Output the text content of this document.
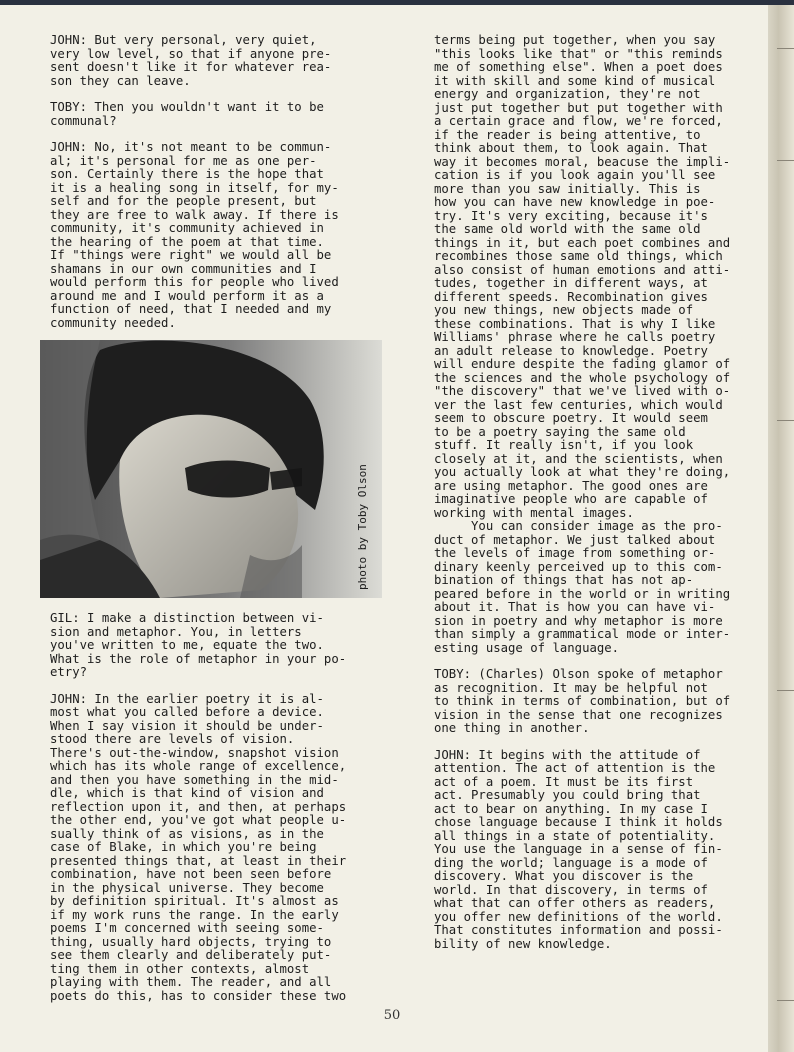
JOHN: But very personal, very quiet,

very low level, so that if anyone pre-

sent doesn't like it for whatever rea-

son they can leave.

TOBY: Then you wouldn't want it to be

communal?

JOHN: No, it's not meant to be commun-

al; it's personal for me as one per-

son. Certainly there is the hope that

it is a healing song in itself, for my-

self and for the people present, but

they are free to walk away. If there is

community, it's community achieved in

the hearing of the poem at that time.

If "things were right" we would all be

shamans in our own communities and I

would perform this for people who lived

around me and I would perform it as a

function of need, that I needed and my

community needed.

photo by Toby Olson

GIL: I make a distinction between vi-

sion and metaphor. You, in letters

you've written to me, equate the two.

What is the role of metaphor in your po-

etry?

JOHN: In the earlier poetry it is al-

most what you called before a device.

When I say vision it should be under-

stood there are levels of vision.

There's out-the-window, snapshot vision

which has its whole range of excellence,

and then you have something in the mid-

dle, which is that kind of vision and

reflection upon it, and then, at perhaps

the other end, you've got what people u-

sually think of as visions, as in the

case of Blake, in which you're being

presented things that, at least in their

combination, have not been seen before

in the physical universe. They become

by definition spiritual. It's almost as

if my work runs the range. In the early

poems I'm concerned with seeing some-

thing, usually hard objects, trying to

see them clearly and deliberately put-

ting them in other contexts, almost

playing with them. The reader, and all

poets do this, has to consider these two

terms being put together, when you say

"this looks like that" or "this reminds

me of something else". When a poet does

it with skill and some kind of musical

energy and organization, they're not

just put together but put together with

a certain grace and flow, we're forced,

if the reader is being attentive, to

think about them, to look again. That

way it becomes moral, beacuse the impli-

cation is if you look again you'll see

more than you saw initially. This is

how you can have new knowledge in poe-

try. It's very exciting, because it's

the same old world with the same old

things in it, but each poet combines and

recombines those same old things, which

also consist of human emotions and atti-

tudes, together in different ways, at

different speeds. Recombination gives

you new things, new objects made of

these combinations. That is why I like

Williams' phrase where he calls poetry

an adult release to knowledge. Poetry

will endure despite the fading glamor of

the sciences and the whole psychology of

"the discovery" that we've lived with o-

ver the last few centuries, which would

seem to obscure poetry. It would seem

to be a poetry saying the same old

stuff. It really isn't, if you look

closely at it, and the scientists, when

you actually look at what they're doing,

are using metaphor. The good ones are

imaginative people who are capable of

working with mental images.

You can consider image as the pro-

duct of metaphor. We just talked about

the levels of image from something or-

dinary keenly perceived up to this com-

bination of things that has not ap-

peared before in the world or in writing

about it. That is how you can have vi-

sion in poetry and why metaphor is more

than simply a grammatical mode or inter-

esting usage of language.

TOBY: (Charles) Olson spoke of metaphor

as recognition. It may be helpful not

to think in terms of combination, but of

vision in the sense that one recognizes

one thing in another.

JOHN: It begins with the attitude of

attention. The act of attention is the

act of a poem. It must be its first

act. Presumably you could bring that

act to bear on anything. In my case I

chose language because I think it holds

all things in a state of potentiality.

You use the language in a sense of fin-

ding the world; language is a mode of

discovery. What you discover is the

world. In that discovery, in terms of

what that can offer others as readers,

you offer new definitions of the world.

That constitutes information and possi-

bility of new knowledge.

50
